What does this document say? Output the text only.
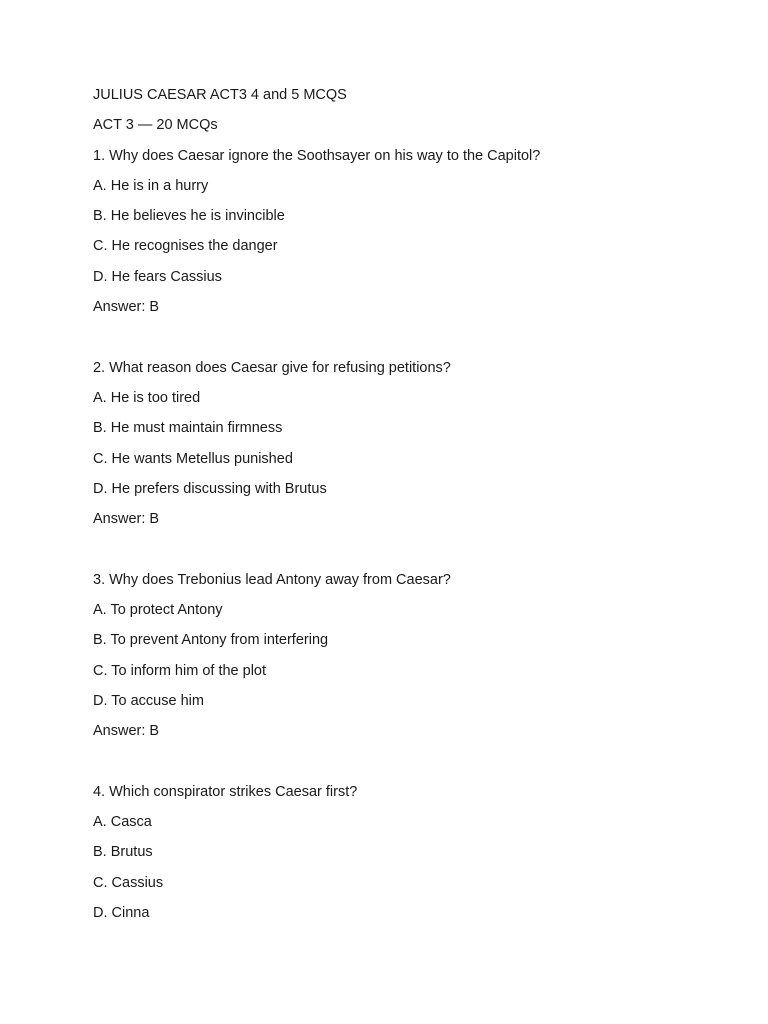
JULIUS CAESAR ACT3 4 and 5 MCQS
ACT 3 — 20 MCQs
1. Why does Caesar ignore the Soothsayer on his way to the Capitol?
A. He is in a hurry
B. He believes he is invincible
C. He recognises the danger
D. He fears Cassius
Answer: B
2. What reason does Caesar give for refusing petitions?
A. He is too tired
B. He must maintain firmness
C. He wants Metellus punished
D. He prefers discussing with Brutus
Answer: B
3. Why does Trebonius lead Antony away from Caesar?
A. To protect Antony
B. To prevent Antony from interfering
C. To inform him of the plot
D. To accuse him
Answer: B
4. Which conspirator strikes Caesar first?
A. Casca
B. Brutus
C. Cassius
D. Cinna
